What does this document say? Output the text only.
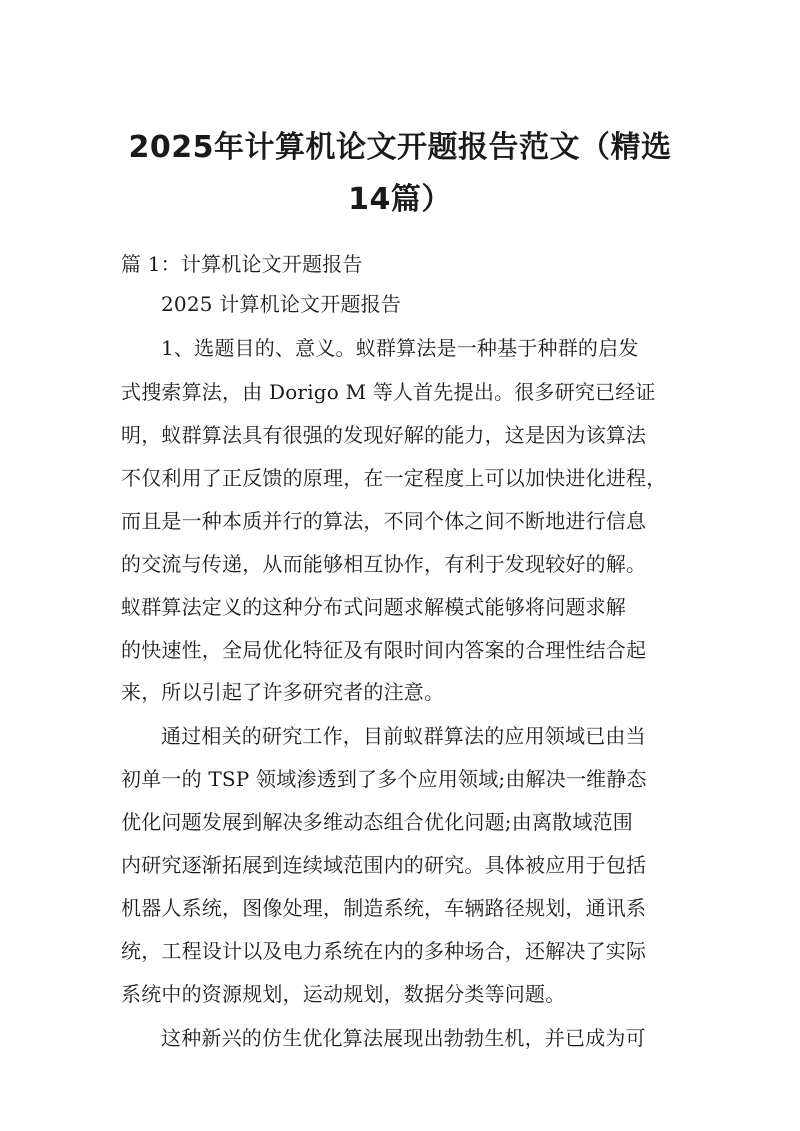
2025年计算机论文开题报告范文（精选14篇）
篇 1：计算机论文开题报告
2025 计算机论文开题报告
1、选题目的、意义。蚁群算法是一种基于种群的启发
式搜索算法，由 Dorigo M 等人首先提出。很多研究已经证
明，蚁群算法具有很强的发现好解的能力，这是因为该算法
不仅利用了正反馈的原理，在一定程度上可以加快进化进程，
而且是一种本质并行的算法，不同个体之间不断地进行信息
的交流与传递，从而能够相互协作，有利于发现较好的解。
蚁群算法定义的这种分布式问题求解模式能够将问题求解
的快速性，全局优化特征及有限时间内答案的合理性结合起
来，所以引起了许多研究者的注意。
通过相关的研究工作，目前蚁群算法的应用领域已由当
初单一的 TSP 领域渗透到了多个应用领域;由解决一维静态
优化问题发展到解决多维动态组合优化问题;由离散域范围
内研究逐渐拓展到连续域范围内的研究。具体被应用于包括
机器人系统，图像处理，制造系统，车辆路径规划，通讯系
统，工程设计以及电力系统在内的多种场合，还解决了实际
系统中的资源规划，运动规划，数据分类等问题。
这种新兴的仿生优化算法展现出勃勃生机，并已成为可
